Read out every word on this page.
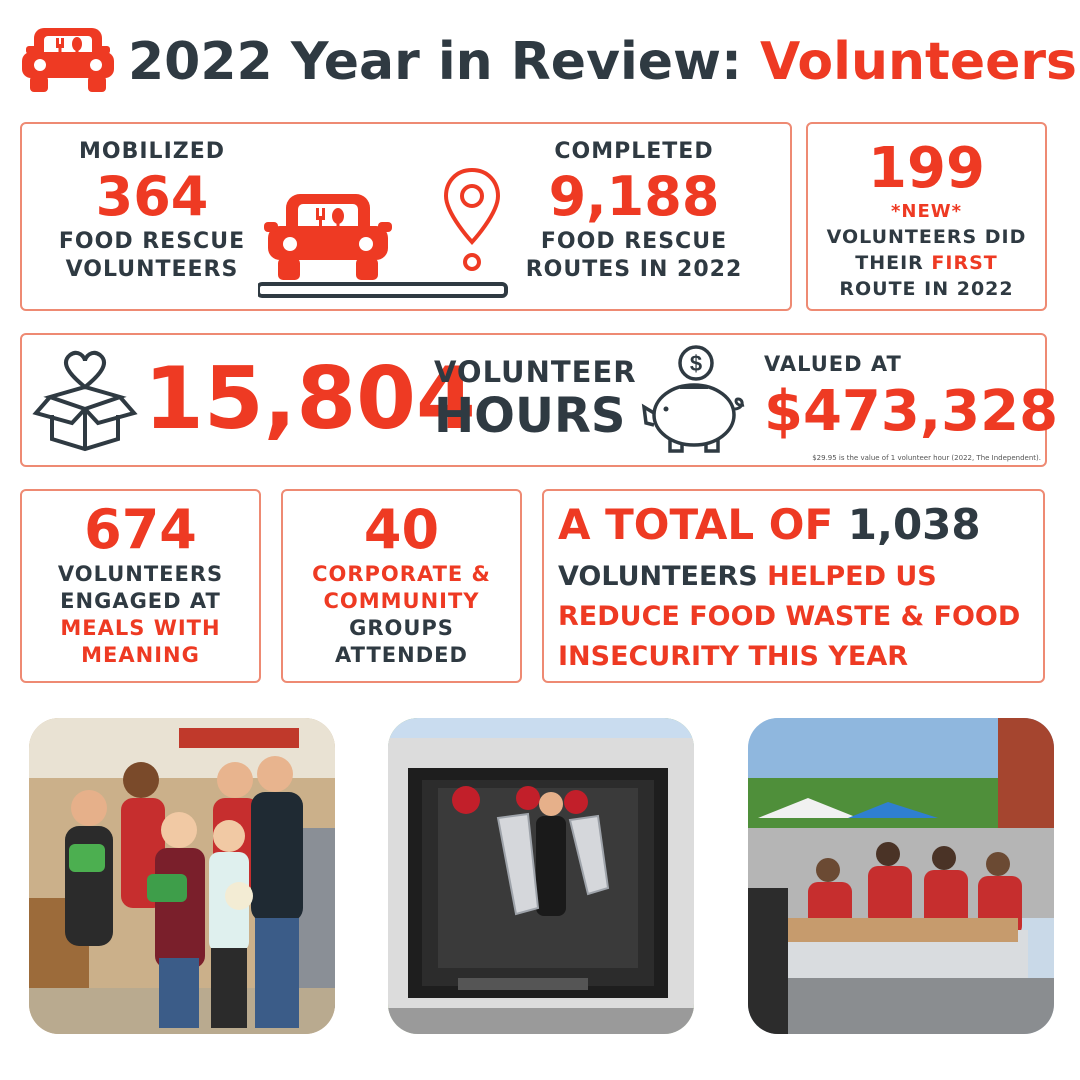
2022 Year in Review: Volunteers
MOBILIZED
364
FOOD RESCUE
VOLUNTEERS
COMPLETED
9,188
FOOD RESCUE
ROUTES IN 2022
199
*NEW*
VOLUNTEERS DID
THEIR FIRST
ROUTE IN 2022
15,804
VOLUNTEER
HOURS
$	VALUED AT
$473,328
$29.95 is the value of 1 volunteer hour (2022, The Independent).
674
VOLUNTEERS
ENGAGED AT
MEALS WITH
MEANING
40
CORPORATE &
COMMUNITY
GROUPS
ATTENDED
A TOTAL OF 1,038
VOLUNTEERS HELPED US
REDUCE FOOD WASTE & FOOD
INSECURITY THIS YEAR
